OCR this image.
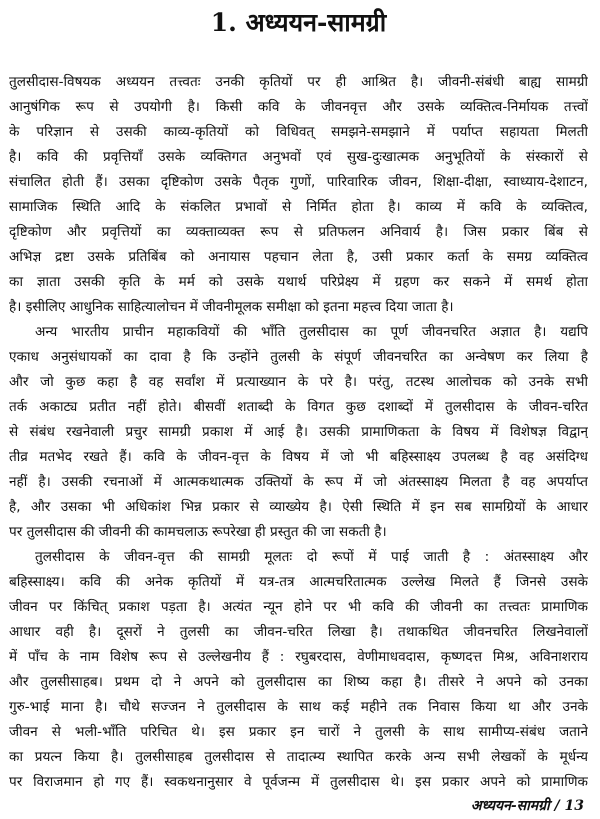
1. अध्ययन-सामग्री
तुलसीदास-विषयक अध्ययन तत्त्वतः उनकी कृतियों पर ही आश्रित है। जीवनी-संबंधी बाह्य सामग्री
आनुषंगिक रूप से उपयोगी है। किसी कवि के जीवनवृत्त और उसके व्यक्तित्व-निर्मायक तत्त्वों
के परिज्ञान से उसकी काव्य-कृतियों को विधिवत् समझने-समझाने में पर्याप्त सहायता मिलती
है। कवि की प्रवृत्तियाँ उसके व्यक्तिगत अनुभवों एवं सुख-दुःखात्मक अनुभूतियों के संस्कारों से
संचालित होती हैं। उसका दृष्टिकोण उसके पैतृक गुणों, पारिवारिक जीवन, शिक्षा-दीक्षा, स्वाध्याय-देशाटन,
सामाजिक स्थिति आदि के संकलित प्रभावों से निर्मित होता है। काव्य में कवि के व्यक्तित्व,
दृष्टिकोण और प्रवृत्तियों का व्यक्ताव्यक्त रूप से प्रतिफलन अनिवार्य है। जिस प्रकार बिंब से
अभिज्ञ द्रष्टा उसके प्रतिबिंब को अनायास पहचान लेता है, उसी प्रकार कर्ता के समग्र व्यक्तित्व
का ज्ञाता उसकी कृति के मर्म को उसके यथार्थ परिप्रेक्ष्य में ग्रहण कर सकने में समर्थ होता
है। इसीलिए आधुनिक साहित्यालोचन में जीवनीमूलक समीक्षा को इतना महत्त्व दिया जाता है।
अन्य भारतीय प्राचीन महाकवियों की भाँति तुलसीदास का पूर्ण जीवनचरित अज्ञात है। यद्यपि
एकाध अनुसंधायकों का दावा है कि उन्होंने तुलसी के संपूर्ण जीवनचरित का अन्वेषण कर लिया है
और जो कुछ कहा है वह सर्वांश में प्रत्याख्यान के परे है। परंतु, तटस्थ आलोचक को उनके सभी
तर्क अकाट्य प्रतीत नहीं होते। बीसवीं शताब्दी के विगत कुछ दशाब्दों में तुलसीदास के जीवन-चरित
से संबंध रखनेवाली प्रचुर सामग्री प्रकाश में आई है। उसकी प्रामाणिकता के विषय में विशेषज्ञ विद्वान्
तीव्र मतभेद रखते हैं। कवि के जीवन-वृत्त के विषय में जो भी बहिस्साक्ष्य उपलब्ध है वह असंदिग्ध
नहीं है। उसकी रचनाओं में आत्मकथात्मक उक्तियों के रूप में जो अंतस्साक्ष्य मिलता है वह अपर्याप्त
है, और उसका भी अधिकांश भिन्न प्रकार से व्याख्येय है। ऐसी स्थिति में इन सब सामग्रियों के आधार
पर तुलसीदास की जीवनी की कामचलाऊ रूपरेखा ही प्रस्तुत की जा सकती है।
तुलसीदास के जीवन-वृत्त की सामग्री मूलतः दो रूपों में पाई जाती है : अंतस्साक्ष्य और
बहिस्साक्ष्य। कवि की अनेक कृतियों में यत्र-तत्र आत्मचरितात्मक उल्लेख मिलते हैं जिनसे उसके
जीवन पर किंचित् प्रकाश पड़ता है। अत्यंत न्यून होने पर भी कवि की जीवनी का तत्त्वतः प्रामाणिक
आधार वही है। दूसरों ने तुलसी का जीवन-चरित लिखा है। तथाकथित जीवनचरित लिखनेवालों
में पाँच के नाम विशेष रूप से उल्लेखनीय हैं : रघुबरदास, वेणीमाधवदास, कृष्णदत्त मिश्र, अविनाशराय
और तुलसीसाहब। प्रथम दो ने अपने को तुलसीदास का शिष्य कहा है। तीसरे ने अपने को उनका
गुरु-भाई माना है। चौथे सज्जन ने तुलसीदास के साथ कई महीने तक निवास किया था और उनके
जीवन से भली-भाँति परिचित थे। इस प्रकार इन चारों ने तुलसी के साथ सामीप्य-संबंध जताने
का प्रयत्न किया है। तुलसीसाहब तुलसीदास से तादात्म्य स्थापित करके अन्य सभी लेखकों के मूर्धन्य
पर विराजमान हो गए हैं। स्वकथनानुसार वे पूर्वजन्म में तुलसीदास थे। इस प्रकार अपने को प्रामाणिक
अध्ययन-सामग्री / 13
